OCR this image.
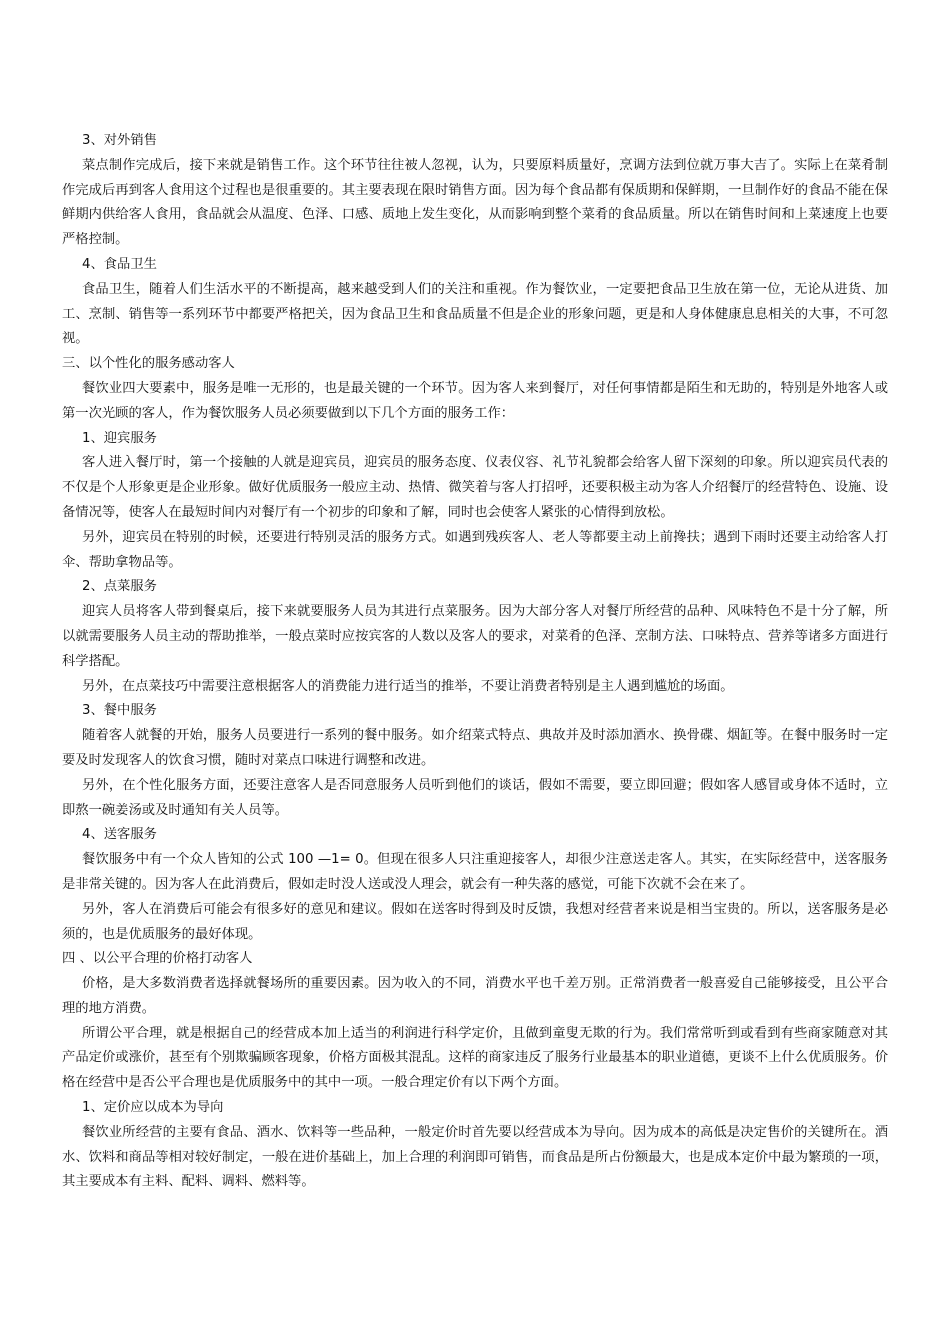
3、对外销售

菜点制作完成后，接下来就是销售工作。这个环节往往被人忽视，认为，只要原料质量好，烹调方法到位就万事大吉了。实际上在菜肴制作完成后再到客人食用这个过程也是很重要的。其主要表现在限时销售方面。因为每个食品都有保质期和保鲜期，一旦制作好的食品不能在保鲜期内供给客人食用，食品就会从温度、色泽、口感、质地上发生变化，从而影响到整个菜肴的食品质量。所以在销售时间和上菜速度上也要严格控制。

4、食品卫生

食品卫生，随着人们生活水平的不断提高，越来越受到人们的关注和重视。作为餐饮业，一定要把食品卫生放在第一位，无论从进货、加工、烹制、销售等一系列环节中都要严格把关，因为食品卫生和食品质量不但是企业的形象问题，更是和人身体健康息息相关的大事，不可忽视。

三、以个性化的服务感动客人

餐饮业四大要素中，服务是唯一无形的，也是最关键的一个环节。因为客人来到餐厅，对任何事情都是陌生和无助的，特别是外地客人或第一次光顾的客人，作为餐饮服务人员必须要做到以下几个方面的服务工作：

1、迎宾服务

客人进入餐厅时，第一个接触的人就是迎宾员，迎宾员的服务态度、仪表仪容、礼节礼貌都会给客人留下深刻的印象。所以迎宾员代表的不仅是个人形象更是企业形象。做好优质服务一般应主动、热情、微笑着与客人打招呼，还要积极主动为客人介绍餐厅的经营特色、设施、设备情况等，使客人在最短时间内对餐厅有一个初步的印象和了解，同时也会使客人紧张的心情得到放松。

另外，迎宾员在特别的时候，还要进行特别灵活的服务方式。如遇到残疾客人、老人等都要主动上前搀扶；遇到下雨时还要主动给客人打伞、帮助拿物品等。

2、点菜服务

迎宾人员将客人带到餐桌后，接下来就要服务人员为其进行点菜服务。因为大部分客人对餐厅所经营的品种、风味特色不是十分了解，所以就需要服务人员主动的帮助推举，一般点菜时应按宾客的人数以及客人的要求，对菜肴的色泽、烹制方法、口味特点、营养等诸多方面进行科学搭配。

另外，在点菜技巧中需要注意根据客人的消费能力进行适当的推举，不要让消费者特别是主人遇到尴尬的场面。

3、餐中服务

随着客人就餐的开始，服务人员要进行一系列的餐中服务。如介绍菜式特点、典故并及时添加酒水、换骨碟、烟缸等。在餐中服务时一定要及时发现客人的饮食习惯，随时对菜点口味进行调整和改进。

另外，在个性化服务方面，还要注意客人是否同意服务人员听到他们的谈话，假如不需要，要立即回避；假如客人感冒或身体不适时，立即熬一碗姜汤或及时通知有关人员等。

4、送客服务

餐饮服务中有一个众人皆知的公式 100 —1= 0。但现在很多人只注重迎接客人，却很少注意送走客人。其实，在实际经营中，送客服务是非常关键的。因为客人在此消费后，假如走时没人送或没人理会，就会有一种失落的感觉，可能下次就不会在来了。

另外，客人在消费后可能会有很多好的意见和建议。假如在送客时得到及时反馈，我想对经营者来说是相当宝贵的。所以，送客服务是必须的，也是优质服务的最好体现。

四 、以公平合理的价格打动客人

价格，是大多数消费者选择就餐场所的重要因素。因为收入的不同，消费水平也千差万别。正常消费者一般喜爱自己能够接受，且公平合理的地方消费。

所谓公平合理，就是根据自己的经营成本加上适当的利润进行科学定价，且做到童叟无欺的行为。我们常常听到或看到有些商家随意对其产品定价或涨价，甚至有个别欺骗顾客现象，价格方面极其混乱。这样的商家违反了服务行业最基本的职业道德，更谈不上什么优质服务。价格在经营中是否公平合理也是优质服务中的其中一项。一般合理定价有以下两个方面。

1、定价应以成本为导向

餐饮业所经营的主要有食品、酒水、饮料等一些品种，一般定价时首先要以经营成本为导向。因为成本的高低是决定售价的关键所在。酒水、饮料和商品等相对较好制定，一般在进价基础上，加上合理的利润即可销售，而食品是所占份额最大，也是成本定价中最为繁琐的一项，其主要成本有主料、配料、调料、燃料等。
